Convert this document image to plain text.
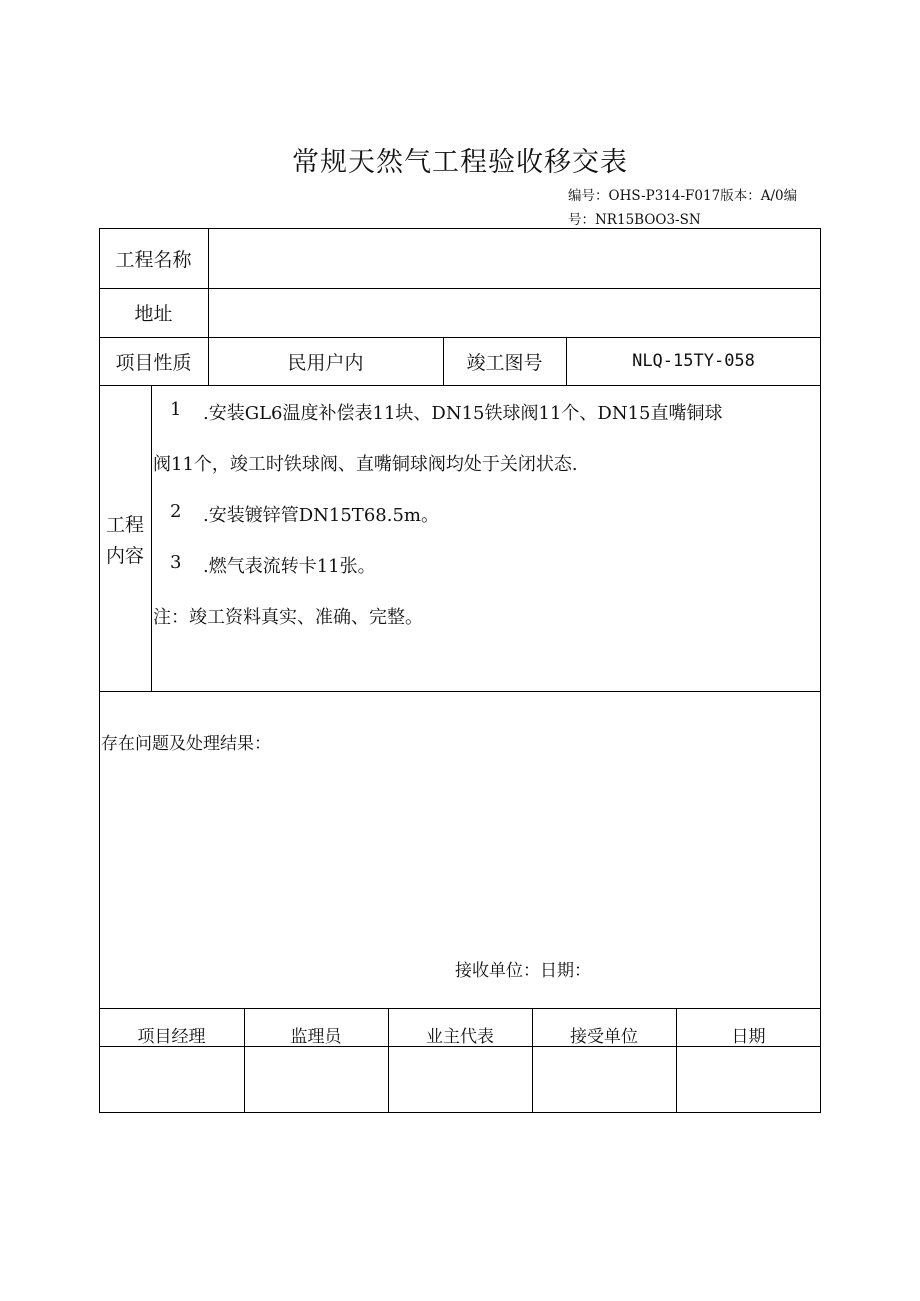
常规天然气工程验收移交表
编号：OHS-P314-F017版本：A/0编
号：NR15BOO3-SN
工程名称
地址
项目性质	民用户内	竣工图号	NLQ-15TY-058
工程
内容
1 .安装GL6温度补偿表11块、DN15铁球阀11个、DN15直嘴铜球
阀11个，竣工时铁球阀、直嘴铜球阀均处于关闭状态.
2 .安装镀锌管DN15T68.5m。
3 .燃气表流转卡11张。
注：竣工资料真实、准确、完整。
存在问题及处理结果：
接收单位：日期：
项目经理	监理员	业主代表	接受单位	日期
